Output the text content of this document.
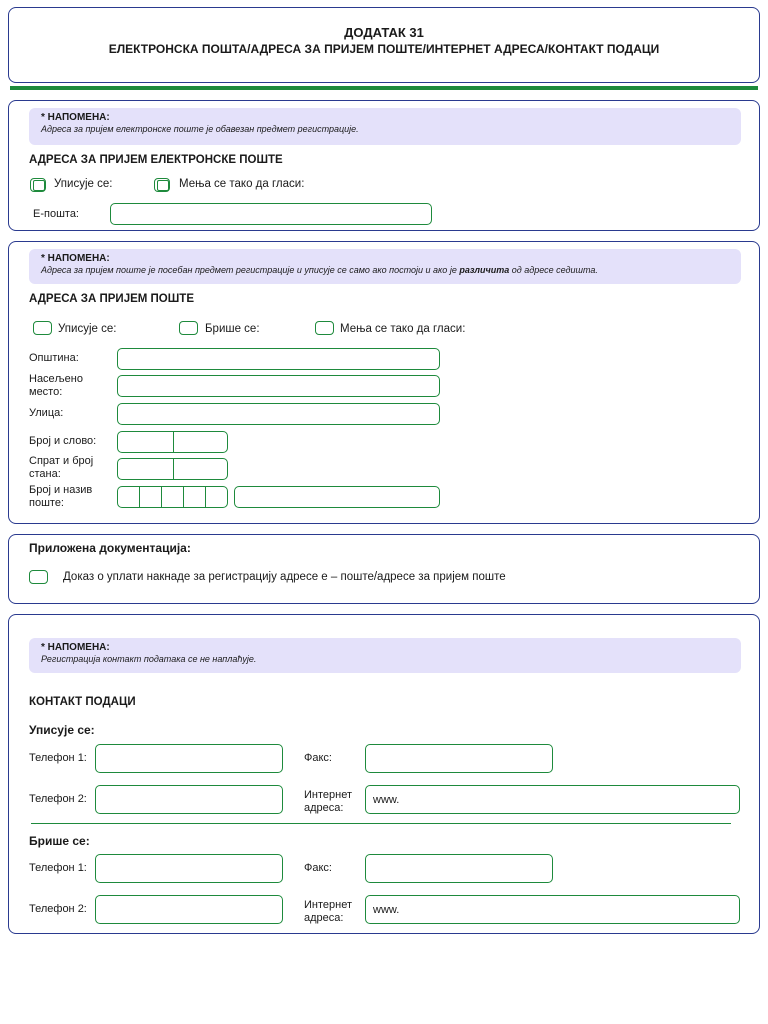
ДОДАТАК 31
ЕЛЕКТРОНСКА ПОШТА/АДРЕСА ЗА ПРИЈЕМ ПОШТЕ/ИНТЕРНЕТ АДРЕСА/КОНТАКТ ПОДАЦИ
* НАПОМЕНА:
Адреса за пријем електронске поште је обавезан предмет регистрације.
АДРЕСА ЗА ПРИЈЕМ ЕЛЕКТРОНСКЕ ПОШТЕ
Уписује се:	Мења се тако да гласи:
Е-пошта:
* НАПОМЕНА:
Адреса за пријем поште је посебан предмет регистрације и уписује се само ако постоји и ако је различита од адресе седишта.
АДРЕСА ЗА ПРИЈЕМ ПОШТЕ
Уписује се:	Брише се:	Мења се тако да гласи:
Општина:
Насељено
место:
Улица:
Број и слово:
Спрат и број
стана:
Број и назив
поште:
Приложена документација:
Доказ о уплати накнаде за регистрацију адресе е – поште/адресе за пријем поште
* НАПОМЕНА:
Регистрација контакт података се не наплаћује.
КОНТАКТ ПОДАЦИ
Уписује се:
Телефон 1:	Факс:
Телефон 2:	Интернет
адреса:
www.
Брише се:
Телефон 1:	Факс:
Телефон 2:	Интернет
адреса:
www.
